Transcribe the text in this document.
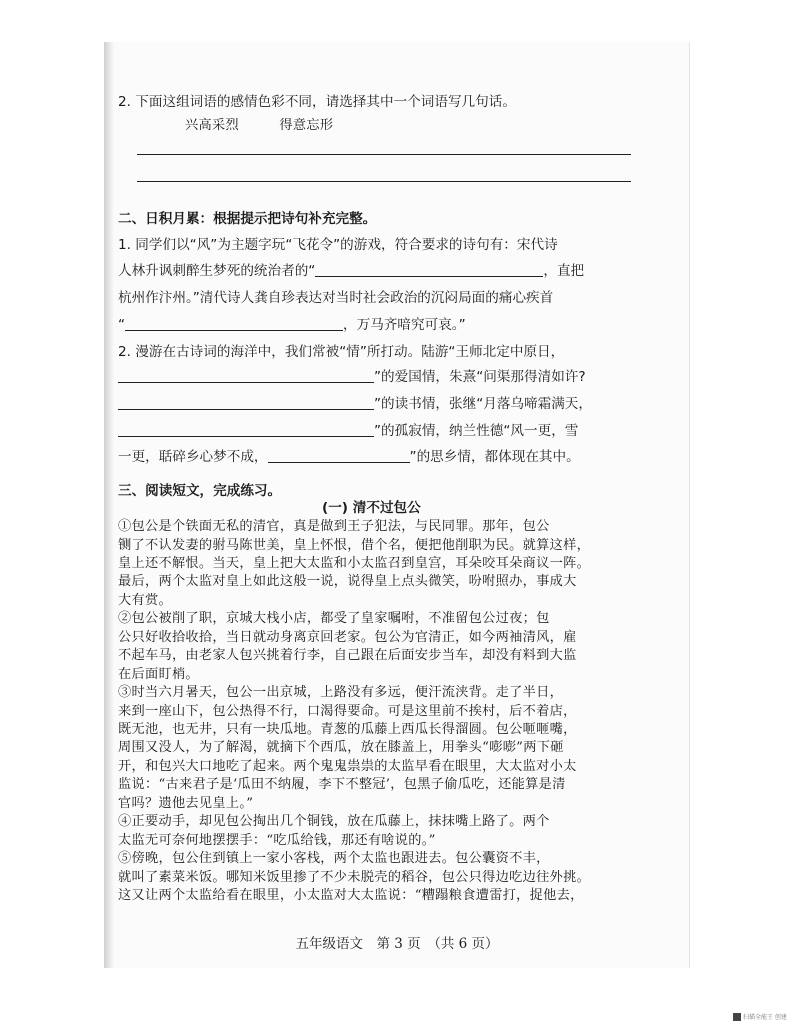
2. 下面这组词语的感情色彩不同，请选择其中一个词语写几句话。
兴高采烈　　　得意忘形
二、日积月累：根据提示把诗句补充完整。
1. 同学们以“风”为主题字玩“飞花令”的游戏，符合要求的诗句有：宋代诗
人林升讽刺醉生梦死的统治者的“	，直把
杭州作汴州。”清代诗人龚自珍表达对当时社会政治的沉闷局面的痛心疾首
“	，万马齐喑究可哀。”
2. 漫游在古诗词的海洋中，我们常被“情”所打动。陆游“王师北定中原日，
”的爱国情，朱熹“问渠那得清如许?
”的读书情，张继“月落乌啼霜满天，
”的孤寂情，纳兰性德“风一更，雪
一更，聒碎乡心梦不成，	”的思乡情，都体现在其中。
三、阅读短文，完成练习。
(一) 清不过包公
①包公是个铁面无私的清官，真是做到王子犯法，与民同罪。那年，包公
铡了不认发妻的驸马陈世美，皇上怀恨，借个名，便把他削职为民。就算这样，
皇上还不解恨。当天，皇上把大太监和小太监召到皇宫，耳朵咬耳朵商议一阵。
最后，两个太监对皇上如此这般一说，说得皇上点头微笑，吩咐照办，事成大
大有赏。
②包公被削了职，京城大栈小店，都受了皇家嘱咐，不准留包公过夜；包
公只好收拾收拾，当日就动身离京回老家。包公为官清正，如今两袖清风，雇
不起车马，由老家人包兴挑着行李，自己跟在后面安步当车，却没有料到大监
在后面盯梢。
③时当六月暑天，包公一出京城，上路没有多远，便汗流浃背。走了半日，
来到一座山下，包公热得不行，口渴得要命。可是这里前不挨村，后不着店，
既无池，也无井，只有一块瓜地。青葱的瓜藤上西瓜长得溜圆。包公咂咂嘴，
周围又没人，为了解渴，就摘下个西瓜，放在膝盖上，用拳头“嘭嘭”两下砸
开，和包兴大口地吃了起来。两个鬼鬼祟祟的太监早看在眼里，大太监对小太
监说：“古来君子是‘瓜田不纳履，李下不整冠’，包黑子偷瓜吃，还能算是清
官吗？遗他去见皇上。”
④正要动手，却见包公掏出几个铜钱，放在瓜藤上，抹抹嘴上路了。两个
太监无可奈何地摆摆手：“吃瓜给钱，那还有啥说的。”
⑤傍晚，包公住到镇上一家小客栈，两个太监也跟进去。包公囊资不丰，
就叫了素菜米饭。哪知米饭里掺了不少未脱壳的稻谷，包公只得边吃边往外挑。
这又让两个太监给看在眼里，小太监对大太监说：“糟蹋粮食遭雷打，捉他去，
五年级语文　第 3 页　（共 6 页）
扫描全能王 创建
